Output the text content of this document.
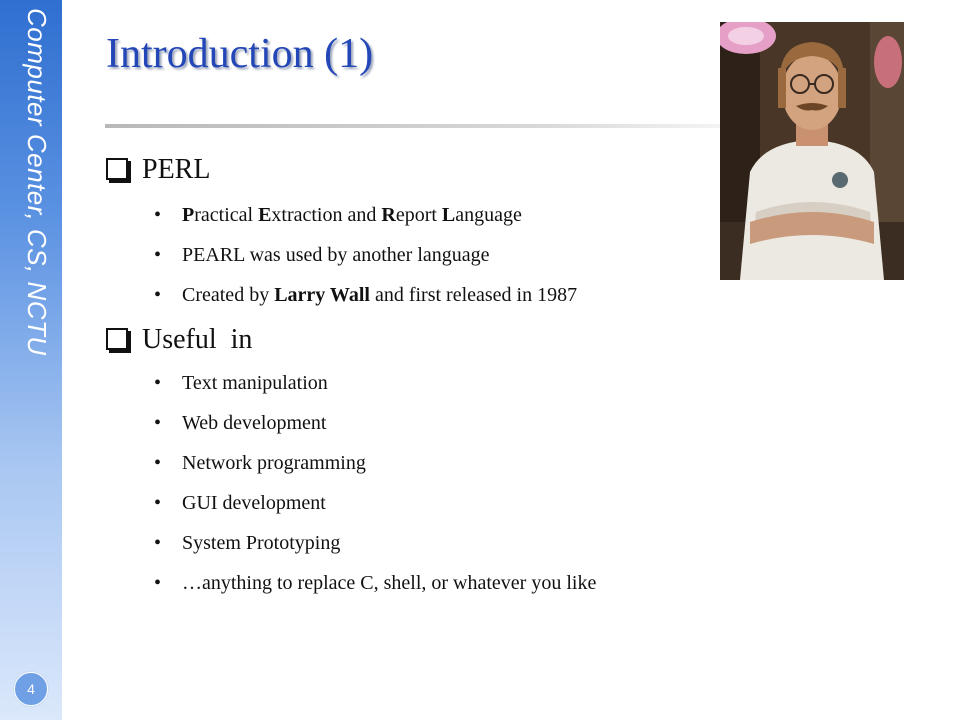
Computer Center, CS, NCTU
4
Introduction (1)
PERL
• Practical Extraction and Report Language
• PEARL was used by another language
• Created by Larry Wall and first released in 1987
Useful  in
• Text manipulation
• Web development
• Network programming
• GUI development
• System Prototyping
• …anything to replace C, shell, or whatever you like
